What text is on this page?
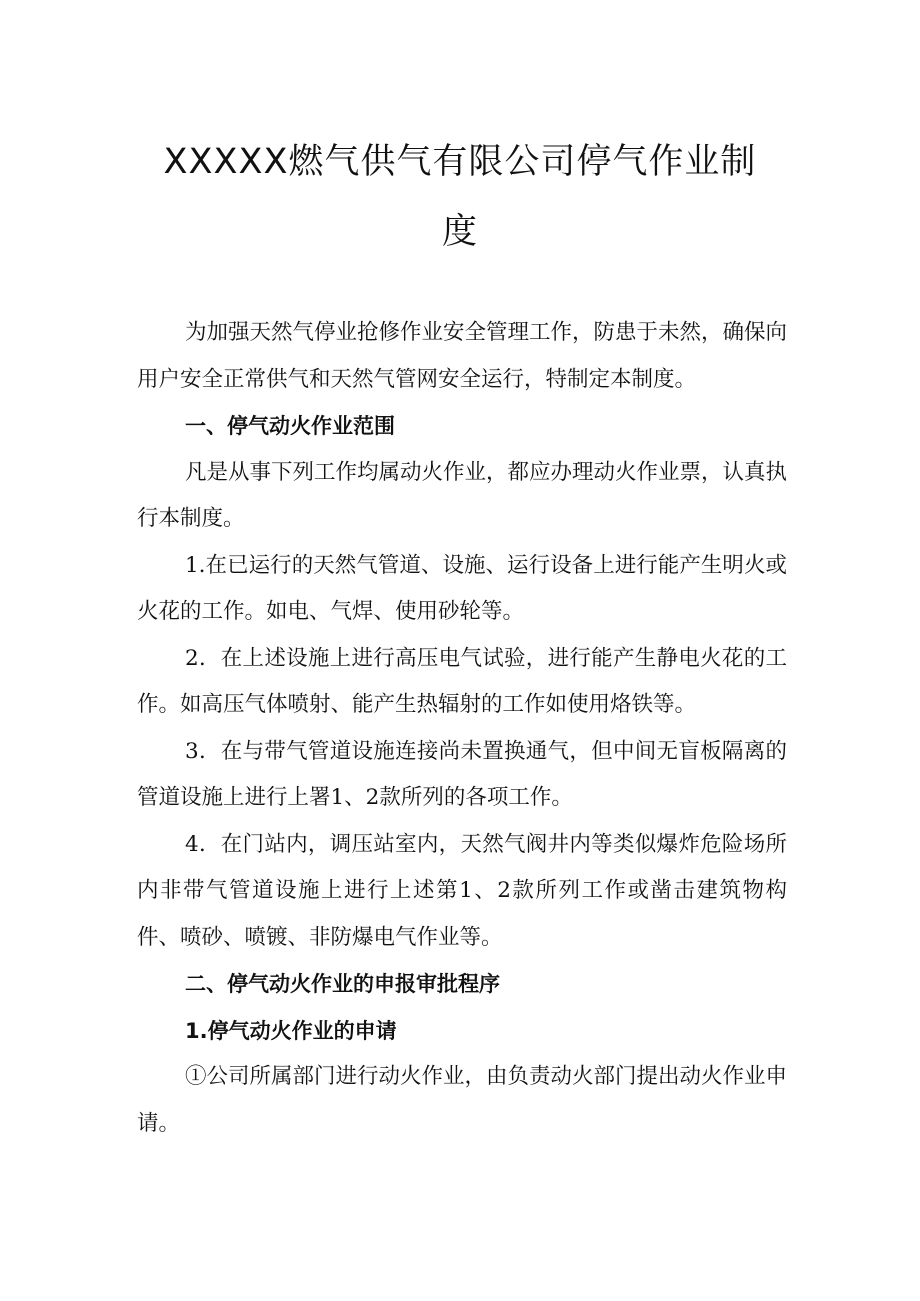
XXXXX燃气供气有限公司停气作业制
度

为加强天然气停业抢修作业安全管理工作，防患于未然，确保向用户安全正常供气和天然气管网安全运行，特制定本制度。

一、停气动火作业范围

凡是从事下列工作均属动火作业，都应办理动火作业票，认真执行本制度。

1.在已运行的天然气管道、设施、运行设备上进行能产生明火或火花的工作。如电、气焊、使用砂轮等。

2．在上述设施上进行高压电气试验，进行能产生静电火花的工作。如高压气体喷射、能产生热辐射的工作如使用烙铁等。

3．在与带气管道设施连接尚未置换通气，但中间无盲板隔离的管道设施上进行上署1、2款所列的各项工作。

4．在门站内，调压站室内，天然气阀井内等类似爆炸危险场所内非带气管道设施上进行上述第1、2款所列工作或凿击建筑物构件、喷砂、喷镀、非防爆电气作业等。

二、停气动火作业的申报审批程序

1.停气动火作业的申请

①公司所属部门进行动火作业，由负责动火部门提出动火作业申请。
